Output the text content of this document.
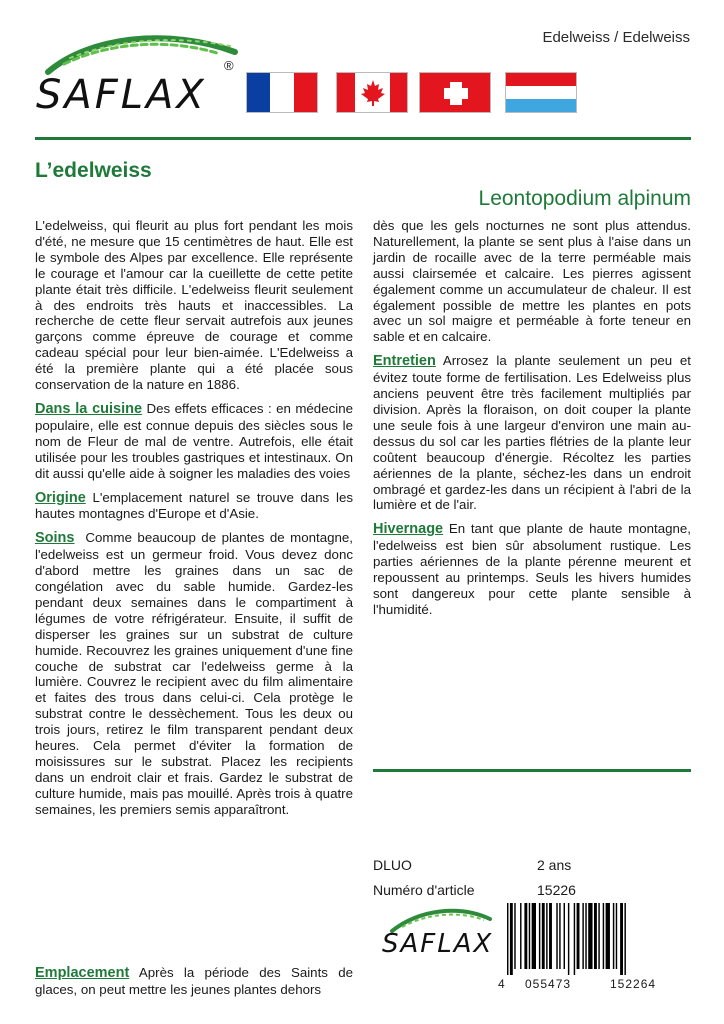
Edelweiss / Edelweiss
SAFLAX
®
L’edelweiss
Leontopodium alpinum

L'edelweiss, qui fleurit au plus fort pendant les mois d'été, ne mesure que 15 centimètres de haut. Elle est le symbole des Alpes par excellence. Elle représente le courage et l'amour car la cueillette de cette petite plante était très difficile. L'edelweiss fleurit seulement à des endroits très hauts et inaccessibles. La recherche de cette fleur servait autrefois aux jeunes garçons comme épreuve de courage et comme cadeau spécial pour leur bien-aimée. L'Edelweiss a été la première plante qui a été placée sous conservation de la nature en 1886.

Dans la cuisine Des effets efficaces : en médecine populaire, elle est connue depuis des siècles sous le nom de Fleur de mal de ventre. Autrefois, elle était utilisée pour les troubles gastriques et intestinaux. On dit aussi qu'elle aide à soigner les maladies des voies

Origine L'emplacement naturel se trouve dans les hautes montagnes d'Europe et d'Asie.

Soins Comme beaucoup de plantes de montagne, l'edelweiss est un germeur froid. Vous devez donc d'abord mettre les graines dans un sac de congélation avec du sable humide. Gardez-les pendant deux semaines dans le compartiment à légumes de votre réfrigérateur. Ensuite, il suffit de disperser les graines sur un substrat de culture humide. Recouvrez les graines uniquement d'une fine couche de substrat car l'edelweiss germe à la lumière. Couvrez le recipient avec du film alimentaire et faites des trous dans celui-ci. Cela protège le substrat contre le dessèchement. Tous les deux ou trois jours, retirez le film transparent pendant deux heures. Cela permet d'éviter la formation de moisissures sur le substrat. Placez les recipients dans un endroit clair et frais. Gardez le substrat de culture humide, mais pas mouillé. Après trois à quatre semaines, les premiers semis apparaîtront.

Emplacement Après la période des Saints de glaces, on peut mettre les jeunes plantes dehors

dès que les gels nocturnes ne sont plus attendus. Naturellement, la plante se sent plus à l'aise dans un jardin de rocaille avec de la terre perméable mais aussi clairsemée et calcaire. Les pierres agissent également comme un accumulateur de chaleur. Il est également possible de mettre les plantes en pots avec un sol maigre et perméable à forte teneur en sable et en calcaire.

Entretien Arrosez la plante seulement un peu et évitez toute forme de fertilisation. Les Edelweiss plus anciens peuvent être très facilement multipliés par division. Après la floraison, on doit couper la plante une seule fois à une largeur d'environ une main au-dessus du sol car les parties flétries de la plante leur coûtent beaucoup d'énergie. Récoltez les parties aériennes de la plante, séchez-les dans un endroit ombragé et gardez-les dans un récipient à l'abri de la lumière et de l'air.

Hivernage En tant que plante de haute montagne, l'edelweiss est bien sûr absolument rustique. Les parties aériennes de la plante pérenne meurent et repoussent au printemps. Seuls les hivers humides sont dangereux pour cette plante sensible à l'humidité.

DLUO	2 ans
Numéro d'article	15226
SAFLAX
4 055473	152264
